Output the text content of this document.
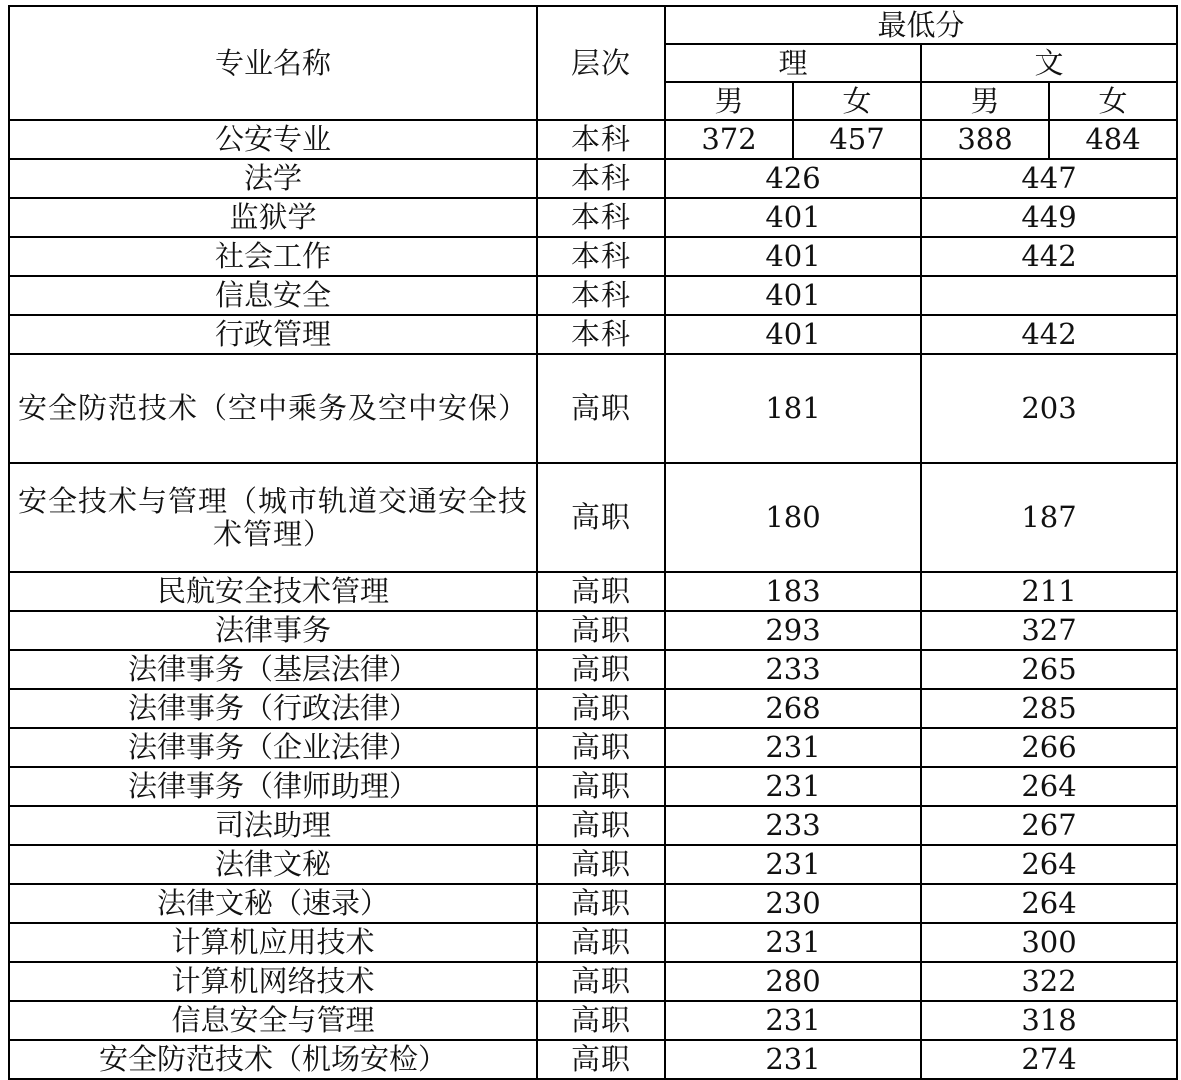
专业名称	层次	最低分			
		理		文	
		男	女	男	女
公安专业	本科	372	457	388	484
法学	本科	426		447	
监狱学	本科	401		449	
社会工作	本科	401		442	
信息安全	本科	401			
行政管理	本科	401		442	
安全防范技术（空中乘务及空中安保）	高职	181		203	
安全技术与管理（城市轨道交通安全技术管理）	高职	180		187	
民航安全技术管理	高职	183		211	
法律事务	高职	293		327	
法律事务（基层法律）	高职	233		265	
法律事务（行政法律）	高职	268		285	
法律事务（企业法律）	高职	231		266	
法律事务（律师助理）	高职	231		264	
司法助理	高职	233		267	
法律文秘	高职	231		264	
法律文秘（速录）	高职	230		264	
计算机应用技术	高职	231		300	
计算机网络技术	高职	280		322	
信息安全与管理	高职	231		318	
安全防范技术（机场安检）	高职	231		274	
